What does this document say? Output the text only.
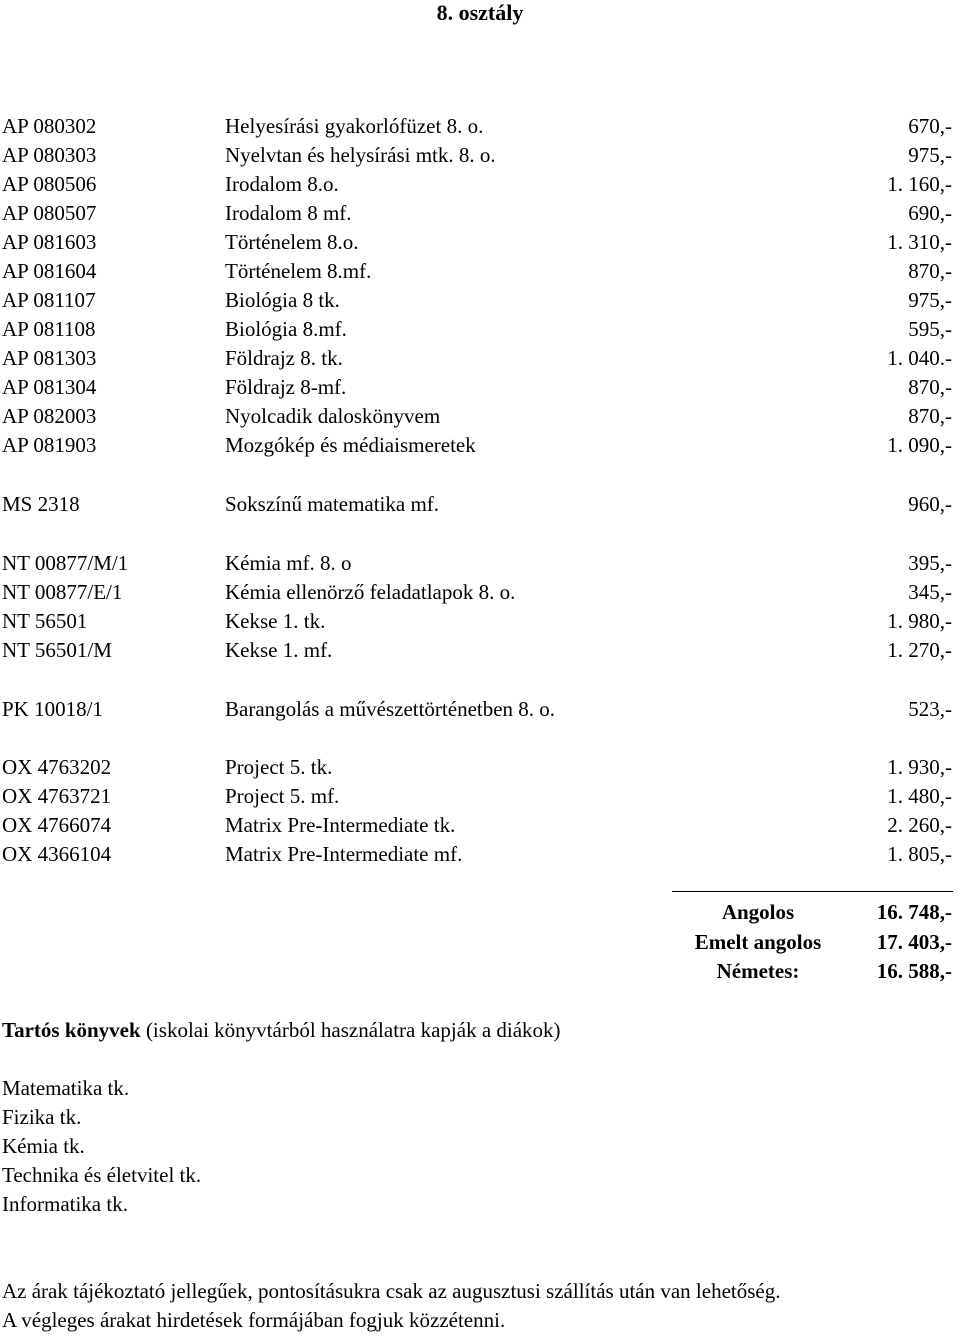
8. osztály
AP 080302	Helyesírási gyakorlófüzet 8. o.	670,-
AP 080303	Nyelvtan és helysírási mtk. 8. o.	975,-
AP 080506	Irodalom 8.o.	1. 160,-
AP 080507	Irodalom 8 mf.	690,-
AP 081603	Történelem 8.o.	1. 310,-
AP 081604	Történelem 8.mf.	870,-
AP 081107	Biológia 8 tk.	975,-
AP 081108	Biológia 8.mf.	595,-
AP 081303	Földrajz 8. tk.	1. 040.-
AP 081304	Földrajz 8-mf.	870,-
AP 082003	Nyolcadik daloskönyvem	870,-
AP 081903	Mozgókép és médiaismeretek	1. 090,-
MS 2318	Sokszínű matematika mf.	960,-
NT 00877/M/1	Kémia mf. 8. o	395,-
NT 00877/E/1	Kémia ellenörző feladatlapok 8. o.	345,-
NT 56501	Kekse 1. tk.	1. 980,-
NT 56501/M	Kekse 1. mf.	1. 270,-
PK 10018/1	Barangolás a művészettörténetben 8. o.	523,-
OX 4763202	Project 5. tk.	1. 930,-
OX 4763721	Project 5. mf.	1. 480,-
OX 4766074	Matrix Pre-Intermediate tk.	2. 260,-
OX 4366104	Matrix Pre-Intermediate mf.	1. 805,-
Angolos	16. 748,-
Emelt angolos	17. 403,-
Németes:	16. 588,-
Tartós könyvek (iskolai könyvtárból használatra kapják a diákok)
Matematika tk.
Fizika tk.
Kémia tk.
Technika és életvitel tk.
Informatika tk.
Az árak tájékoztató jellegűek, pontosításukra csak az augusztusi szállítás után van lehetőség.
A végleges árakat hirdetések formájában fogjuk közzétenni.
